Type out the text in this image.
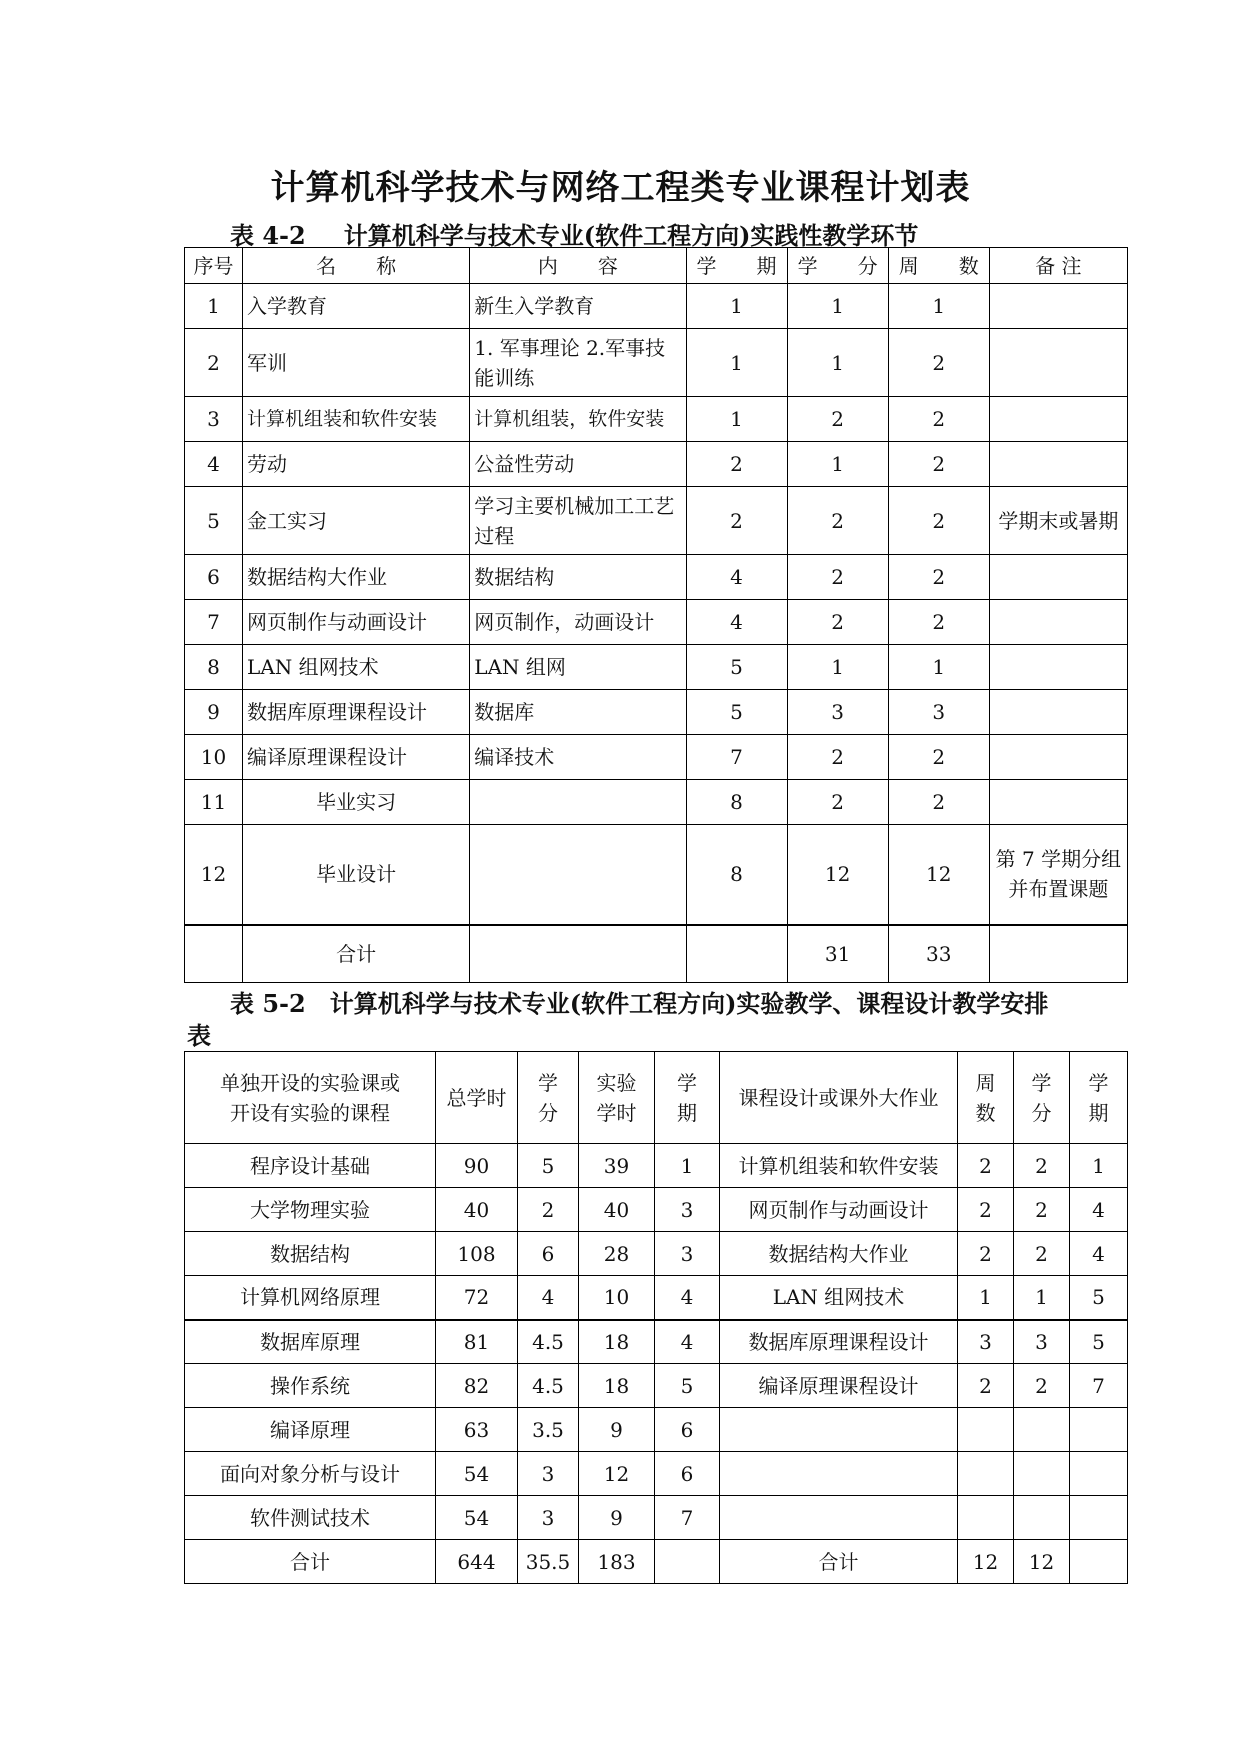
计算机科学技术与网络工程类专业课程计划表
表 4-2 计算机科学与技术专业(软件工程方向)实践性教学环节
序号	名　　称	内　　容	学　　期	学　　分	周　　数	备 注
1	入学教育	新生入学教育	1	1	1	
2	军训	1. 军事理论 2.军事技能训练	1	1	2	
3	计算机组装和软件安装	计算机组装，软件安装	1	2	2	
4	劳动	公益性劳动	2	1	2	
5	金工实习	学习主要机械加工工艺过程	2	2	2	学期末或暑期
6	数据结构大作业	数据结构	4	2	2	
7	网页制作与动画设计	网页制作，动画设计	4	2	2	
8	LAN 组网技术	LAN 组网	5	1	1	
9	数据库原理课程设计	数据库	5	3	3	
10	编译原理课程设计	编译技术	7	2	2	
11	毕业实习		8	2	2	
12	毕业设计		8	12	12	第 7 学期分组并布置课题
	合计			31	33	
表 5-2 计算机科学与技术专业(软件工程方向)实验教学、课程设计教学安排表
单独开设的实验课或开设有实验的课程	总学时	学分	实验学时	学期	课程设计或课外大作业	周数	学分	学期
程序设计基础	90	5	39	1	计算机组装和软件安装	2	2	1
大学物理实验	40	2	40	3	网页制作与动画设计	2	2	4
数据结构	108	6	28	3	数据结构大作业	2	2	4
计算机网络原理	72	4	10	4	LAN 组网技术	1	1	5
数据库原理	81	4.5	18	4	数据库原理课程设计	3	3	5
操作系统	82	4.5	18	5	编译原理课程设计	2	2	7
编译原理	63	3.5	9	6				
面向对象分析与设计	54	3	12	6				
软件测试技术	54	3	9	7				
合计	644	35.5	183		合计	12	12	
